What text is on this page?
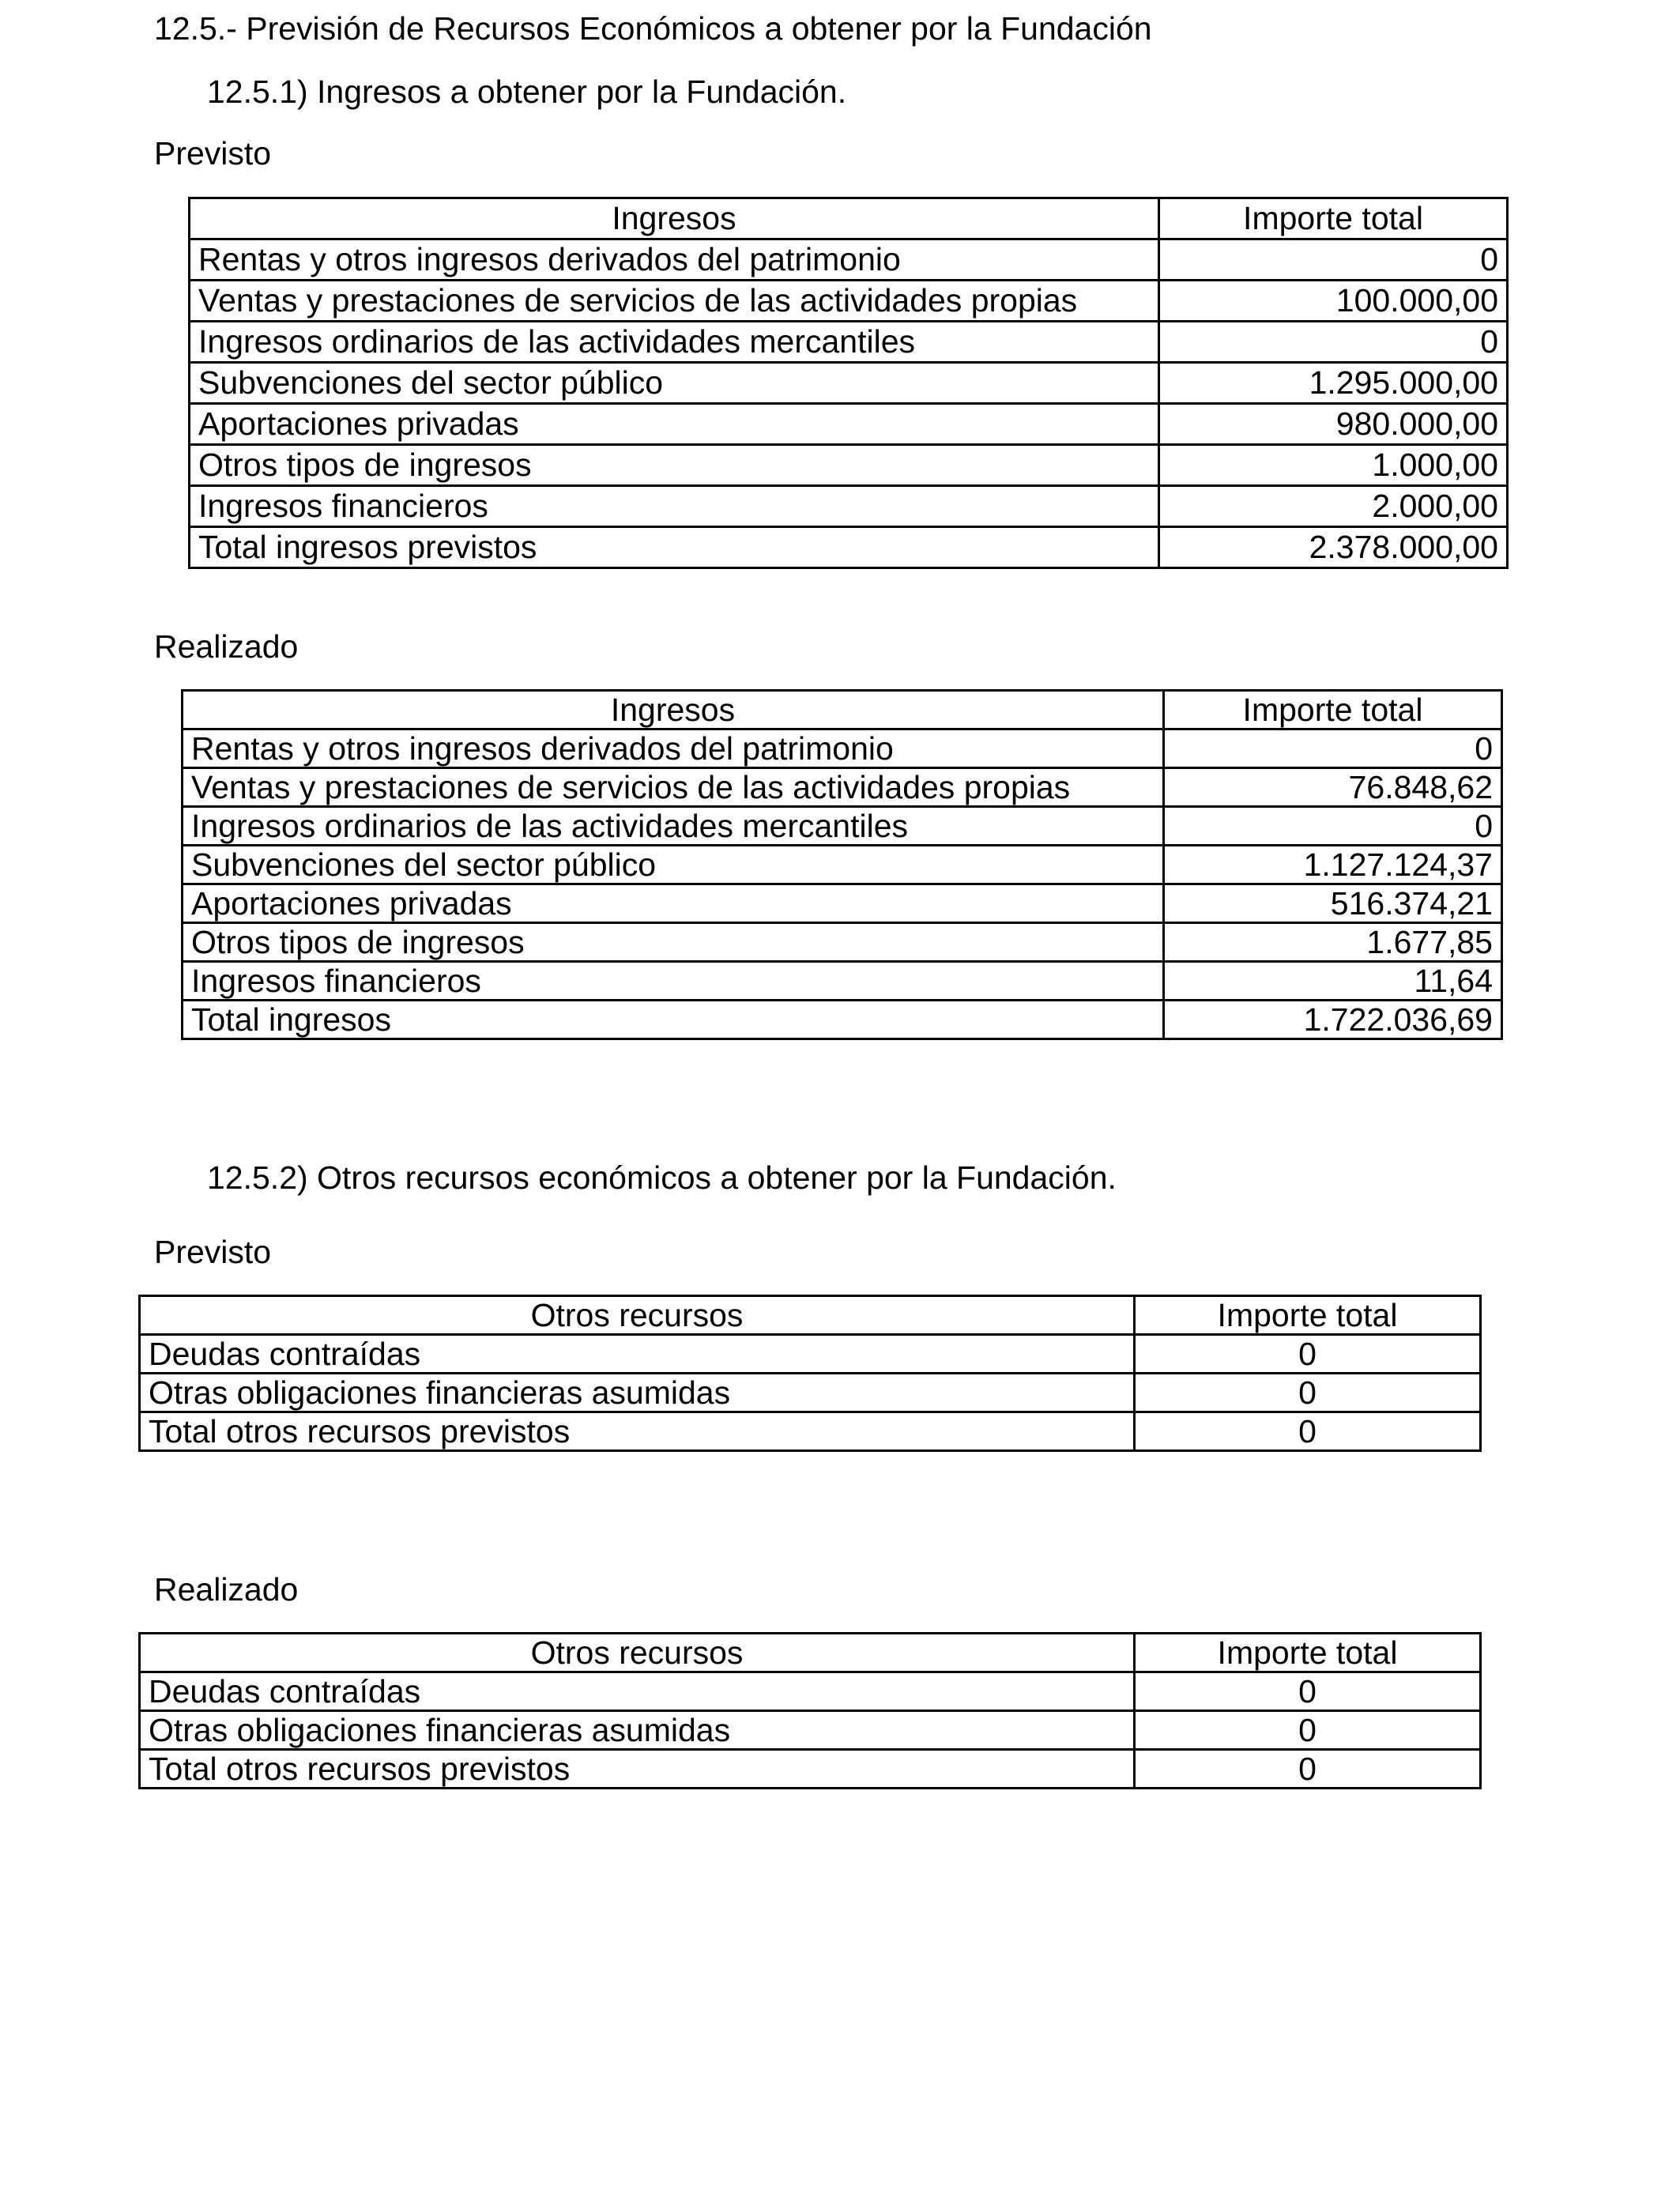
12.5.- Previsión de Recursos Económicos a obtener por la Fundación
12.5.1) Ingresos a obtener por la Fundación.
Previsto
Ingresos	Importe total
Rentas y otros ingresos derivados del patrimonio	0
Ventas y prestaciones de servicios de las actividades propias	100.000,00
Ingresos ordinarios de las actividades mercantiles	0
Subvenciones del sector público	1.295.000,00
Aportaciones privadas	980.000,00
Otros tipos de ingresos	1.000,00
Ingresos financieros	2.000,00
Total ingresos previstos	2.378.000,00
Realizado
Ingresos	Importe total
Rentas y otros ingresos derivados del patrimonio	0
Ventas y prestaciones de servicios de las actividades propias	76.848,62
Ingresos ordinarios de las actividades mercantiles	0
Subvenciones del sector público	1.127.124,37
Aportaciones privadas	516.374,21
Otros tipos de ingresos	1.677,85
Ingresos financieros	11,64
Total ingresos	1.722.036,69
12.5.2) Otros recursos económicos a obtener por la Fundación.
Previsto
Otros recursos	Importe total
Deudas contraídas	0
Otras obligaciones financieras asumidas	0
Total otros recursos previstos	0
Realizado
Otros recursos	Importe total
Deudas contraídas	0
Otras obligaciones financieras asumidas	0
Total otros recursos previstos	0
